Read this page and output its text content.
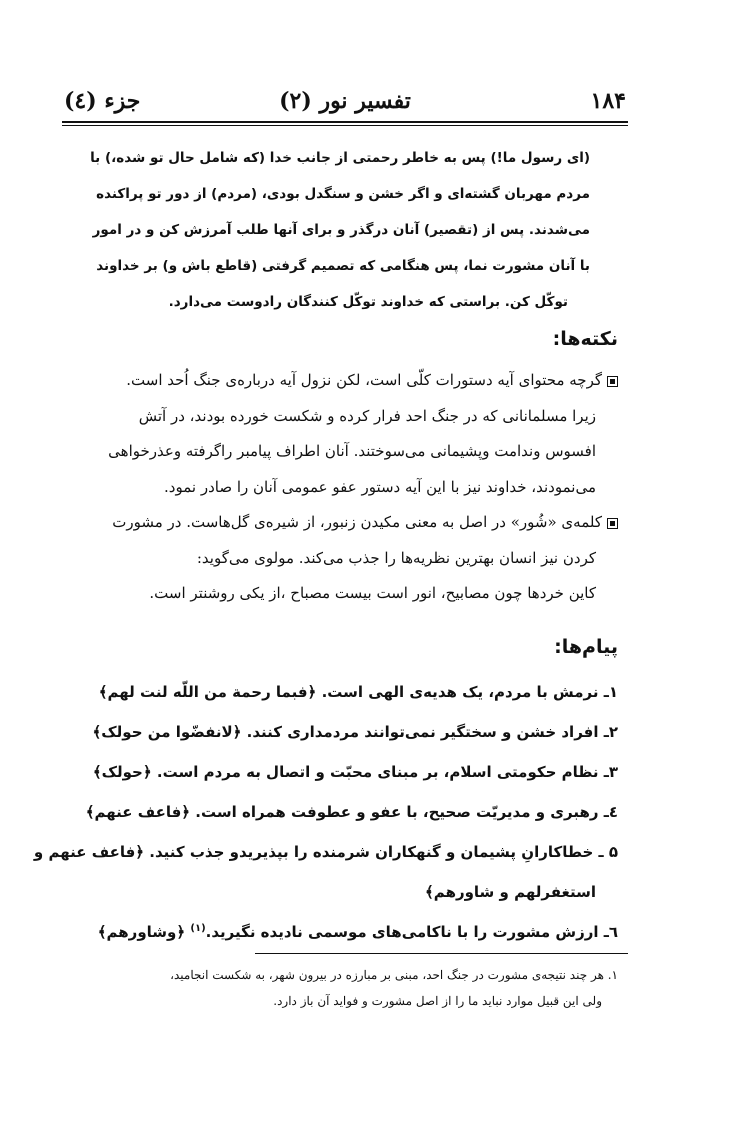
۱۸۴
تفسیر نور (۲)
جزء (٤)

(ای رسول ما!) پس به خاطر رحمتی از جانب خدا (كه شامل حال تو شده،) با

مردم مهربان گشته‌ای و اگر خشن و سنگدل بودی، (مردم) از دور تو پراكنده

می‌شدند. پس از (تقصیر) آنان درگذر و برای آنها طلب آمرزش كن و در امور

با آنان مشورت نما، پس هنگامی كه تصمیم گرفتی (قاطع باش و) بر خداوند

توكّل كن. براستی كه خداوند توكّل كنندگان رادوست می‌دارد.

نكته‌ها:

گرچه محتوای آیه دستورات كلّی است، لكن نزول آیه درباره‌ی جنگ اُحد است.

زیرا مسلمانانی كه در جنگ احد فرار كرده و شكست خورده بودند، در آتش

افسوس وندامت وپشیمانی می‌سوختند. آنان اطراف پیامبر راگرفته وعذرخواهی

می‌نمودند، خداوند نیز با این آیه دستور عفو عمومی آنان را صادر نمود.

كلمه‌ی «شُور» در اصل به معنی مكیدن زنبور، از شیره‌ی گل‌هاست. در مشورت

كردن نیز انسان بهترین نظریه‌ها را جذب می‌كند. مولوی می‌گوید:

كاین خردها چون مصابیح، انور است بیست مصباح ،از یكی روشنتر است.

پیام‌ها:

۱ـ نرمش با مردم، یک هدیه‌ی الهی است. ﴿فبما رحمة من اللّه لنت لهم﴾

۲ـ افراد خشن و سختگیر نمی‌توانند مردمداری كنند. ﴿لانفضّوا من حولک﴾

۳ـ نظام حكومتی اسلام، بر مبنای محبّت و اتصال به مردم است. ﴿حولک﴾

٤ـ رهبری و مدیریّت صحیح، با عفو و عطوفت همراه است. ﴿فاعف عنهم﴾

۵ ـ خطاكارانِ پشیمان و گنهكاران شرمنده را بپذیریدو جذب كنید. ﴿فاعف عنهم و

استغفرلهم و شاورهم﴾

٦ـ ارزش مشورت را با ناكامی‌های موسمی نادیده نگیرید.$^{(۱)}$ ﴿وشاورهم﴾

۱. هر چند نتیجه‌ی مشورت در جنگ احد، مبنی بر مبارزه در بیرون شهر، به شكست انجامید،

ولی این قبیل موارد نباید ما را از اصل مشورت و فواید آن باز دارد.
